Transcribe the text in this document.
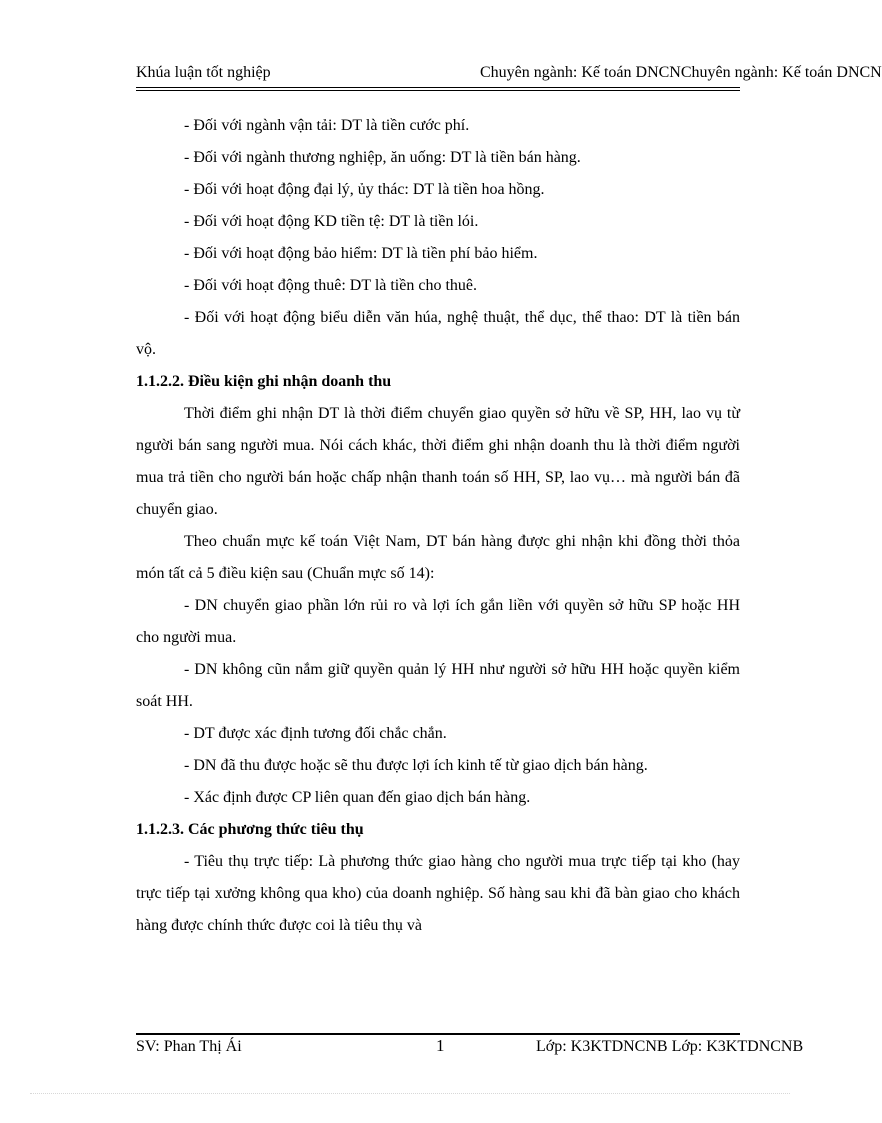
Khúa luận tốt nghiệp	Chuyên ngành: Kế toán DNCNChuyên ngành: Kế toán DNCN

- Đối với ngành vận tải: DT là tiền cước phí.

- Đối với ngành thương nghiệp, ăn uống: DT là tiền bán hàng.

- Đối với hoạt động đại lý, ủy thác: DT là tiền hoa hồng.

- Đối với hoạt động KD tiền tệ: DT là tiền lói.

- Đối với hoạt động bảo hiểm: DT là tiền phí bảo hiểm.

- Đối với hoạt động thuê: DT là tiền cho thuê.

- Đối với hoạt động biểu diễn văn húa, nghệ thuật, thể dục, thể thao: DT là tiền bán vộ.

1.1.2.2. Điều kiện ghi nhận doanh thu

Thời điểm ghi nhận DT là thời điểm chuyển giao quyền sở hữu về SP, HH, lao vụ từ người bán sang người mua. Nói cách khác, thời điểm ghi nhận doanh thu là thời điểm người mua trả tiền cho người bán hoặc chấp nhận thanh toán số HH, SP, lao vụ… mà người bán đã chuyển giao.

Theo chuẩn mực kế toán Việt Nam, DT bán hàng được ghi nhận khi đồng thời thỏa món tất cả 5 điều kiện sau (Chuẩn mực số 14):

- DN chuyển giao phần lớn rủi ro và lợi ích gắn liền với quyền sở hữu SP hoặc HH cho người mua.

- DN không cũn nắm giữ quyền quản lý HH như người sở hữu HH hoặc quyền kiểm soát HH.

- DT được xác định tương đối chắc chắn.

- DN đã thu được hoặc sẽ thu được lợi ích kinh tế từ giao dịch bán hàng.

- Xác định được CP liên quan đến giao dịch bán hàng.

1.1.2.3. Các phương thức tiêu thụ

- Tiêu thụ trực tiếp: Là phương thức giao hàng cho người mua trực tiếp tại kho (hay trực tiếp tại xưởng không qua kho) của doanh nghiệp. Số hàng sau khi đã bàn giao cho khách hàng được chính thức được coi là tiêu thụ và

SV: Phan Thị Ái	1	Lớp: K3KTDNCNB Lớp: K3KTDNCNB
